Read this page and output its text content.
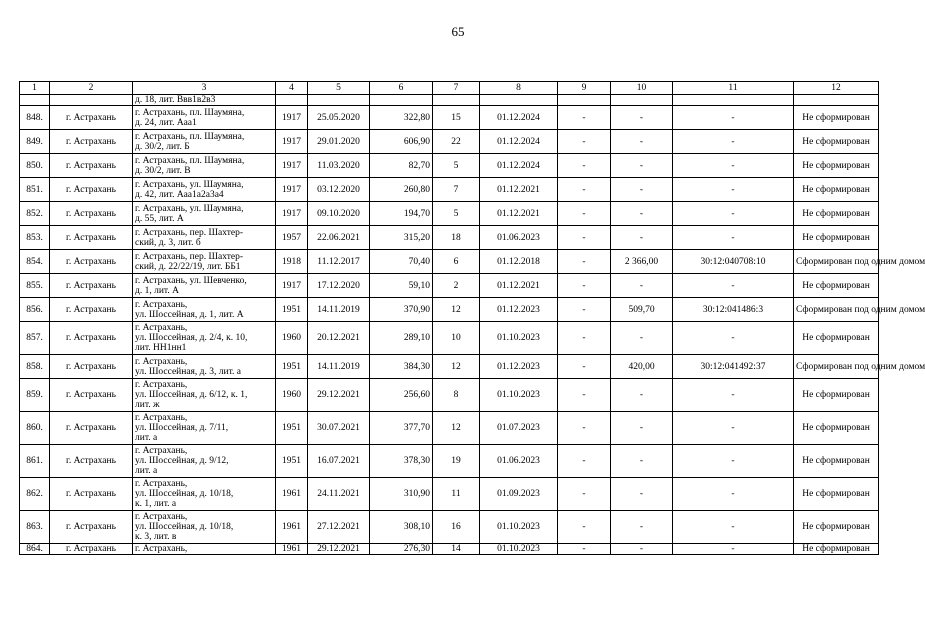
65
1	2	3	4	5	6	7	8	9	10	11	12
		д. 18, лит. Ввв1в2в3									
848.	г. Астрахань	г. Астрахань, пл. Шаумяна,
д. 24, лит. Ааа1	1917	25.05.2020	322,80	15	01.12.2024	-	-	-	Не сформирован
849.	г. Астрахань	г. Астрахань, пл. Шаумяна,
д. 30/2, лит. Б	1917	29.01.2020	606,90	22	01.12.2024	-	-	-	Не сформирован
850.	г. Астрахань	г. Астрахань, пл. Шаумяна,
д. 30/2, лит. В	1917	11.03.2020	82,70	5	01.12.2024	-	-	-	Не сформирован
851.	г. Астрахань	г. Астрахань, ул. Шаумяна,
д. 42, лит. Ааа1а2а3а4	1917	03.12.2020	260,80	7	01.12.2021	-	-	-	Не сформирован
852.	г. Астрахань	г. Астрахань, ул. Шаумяна,
д. 55, лит. А	1917	09.10.2020	194,70	5	01.12.2021	-	-	-	Не сформирован
853.	г. Астрахань	г. Астрахань, пер. Шахтер-
ский, д. 3, лит. б	1957	22.06.2021	315,20	18	01.06.2023	-	-	-	Не сформирован
854.	г. Астрахань	г. Астрахань, пер. Шахтер-
ский, д. 22/22/19, лит. ББ1	1918	11.12.2017	70,40	6	01.12.2018	-	2 366,00	30:12:040708:10	Сформирован под одним домом
855.	г. Астрахань	г. Астрахань, ул. Шевченко,
д. 1, лит. А	1917	17.12.2020	59,10	2	01.12.2021	-	-	-	Не сформирован
856.	г. Астрахань	г. Астрахань,
ул. Шоссейная, д. 1, лит. А	1951	14.11.2019	370,90	12	01.12.2023	-	509,70	30:12:041486:3	Сформирован под одним домом
857.	г. Астрахань	г. Астрахань,
ул. Шоссейная, д. 2/4, к. 10,
лит. НН1нн1	1960	20.12.2021	289,10	10	01.10.2023	-	-	-	Не сформирован
858.	г. Астрахань	г. Астрахань,
ул. Шоссейная, д. 3, лит. а	1951	14.11.2019	384,30	12	01.12.2023	-	420,00	30:12:041492:37	Сформирован под одним домом
859.	г. Астрахань	г. Астрахань,
ул. Шоссейная, д. 6/12, к. 1,
лит. ж	1960	29.12.2021	256,60	8	01.10.2023	-	-	-	Не сформирован
860.	г. Астрахань	г. Астрахань,
ул. Шоссейная, д. 7/11,
лит. а	1951	30.07.2021	377,70	12	01.07.2023	-	-	-	Не сформирован
861.	г. Астрахань	г. Астрахань,
ул. Шоссейная, д. 9/12,
лит. а	1951	16.07.2021	378,30	19	01.06.2023	-	-	-	Не сформирован
862.	г. Астрахань	г. Астрахань,
ул. Шоссейная, д. 10/18,
к. 1, лит. а	1961	24.11.2021	310,90	11	01.09.2023	-	-	-	Не сформирован
863.	г. Астрахань	г. Астрахань,
ул. Шоссейная, д. 10/18,
к. 3, лит. в	1961	27.12.2021	308,10	16	01.10.2023	-	-	-	Не сформирован
864.	г. Астрахань	г. Астрахань,	1961	29.12.2021	276,30	14	01.10.2023	-	-	-	Не сформирован
